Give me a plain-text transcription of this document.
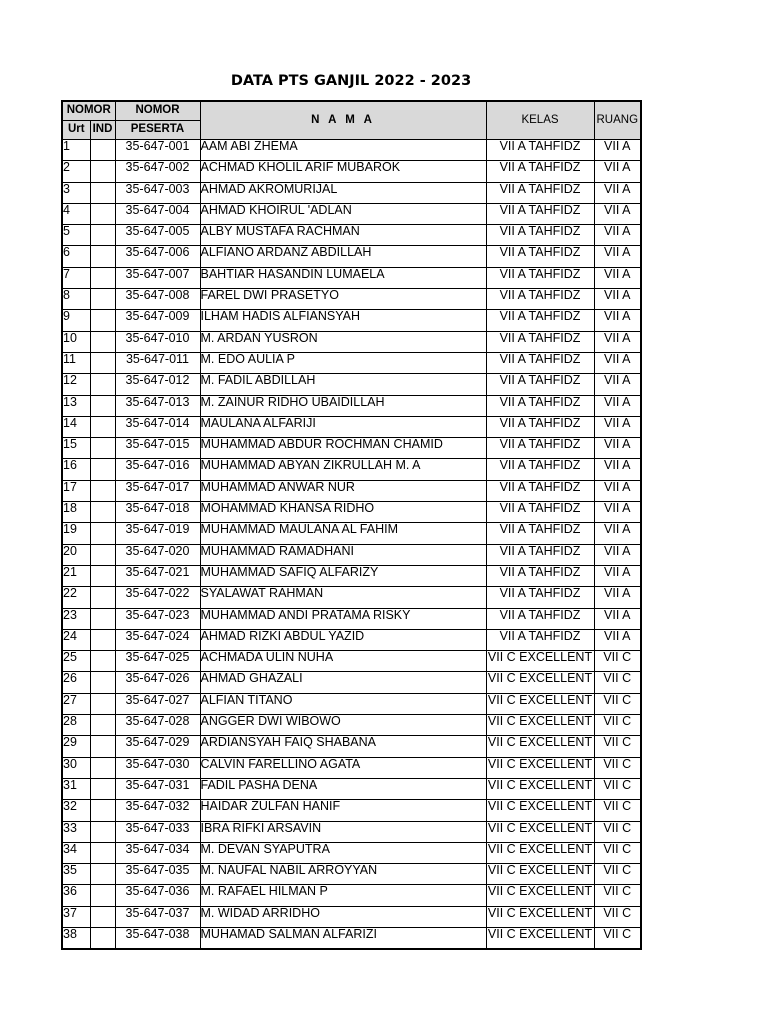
DATA PTS GANJIL 2022 - 2023
NOMOR		NOMOR	N A M A	KELAS	RUANG
Urt	IND	PESERTA			
1		35-647-001	AAM ABI ZHEMA	VII A TAHFIDZ	VII A
2		35-647-002	ACHMAD KHOLIL ARIF MUBAROK	VII A TAHFIDZ	VII A
3		35-647-003	AHMAD AKROMURIJAL	VII A TAHFIDZ	VII A
4		35-647-004	AHMAD KHOIRUL 'ADLAN	VII A TAHFIDZ	VII A
5		35-647-005	ALBY MUSTAFA RACHMAN	VII A TAHFIDZ	VII A
6		35-647-006	ALFIANO ARDANZ ABDILLAH	VII A TAHFIDZ	VII A
7		35-647-007	BAHTIAR HASANDIN LUMAELA	VII A TAHFIDZ	VII A
8		35-647-008	FAREL DWI PRASETYO	VII A TAHFIDZ	VII A
9		35-647-009	ILHAM HADIS ALFIANSYAH	VII A TAHFIDZ	VII A
10		35-647-010	M. ARDAN YUSRON	VII A TAHFIDZ	VII A
11		35-647-011	M. EDO AULIA P	VII A TAHFIDZ	VII A
12		35-647-012	M. FADIL ABDILLAH	VII A TAHFIDZ	VII A
13		35-647-013	M. ZAINUR RIDHO UBAIDILLAH	VII A TAHFIDZ	VII A
14		35-647-014	MAULANA ALFARIJI	VII A TAHFIDZ	VII A
15		35-647-015	MUHAMMAD ABDUR ROCHMAN CHAMID	VII A TAHFIDZ	VII A
16		35-647-016	MUHAMMAD ABYAN ZIKRULLAH M. A	VII A TAHFIDZ	VII A
17		35-647-017	MUHAMMAD ANWAR NUR	VII A TAHFIDZ	VII A
18		35-647-018	MOHAMMAD KHANSA RIDHO	VII A TAHFIDZ	VII A
19		35-647-019	MUHAMMAD MAULANA AL FAHIM	VII A TAHFIDZ	VII A
20		35-647-020	MUHAMMAD RAMADHANI	VII A TAHFIDZ	VII A
21		35-647-021	MUHAMMAD SAFIQ ALFARIZY	VII A TAHFIDZ	VII A
22		35-647-022	SYALAWAT RAHMAN	VII A TAHFIDZ	VII A
23		35-647-023	MUHAMMAD ANDI PRATAMA RISKY	VII A TAHFIDZ	VII A
24		35-647-024	AHMAD RIZKI ABDUL YAZID	VII A TAHFIDZ	VII A
25		35-647-025	ACHMADA ULIN NUHA	VII C EXCELLENT	VII C
26		35-647-026	AHMAD GHAZALI	VII C EXCELLENT	VII C
27		35-647-027	ALFIAN TITANO	VII C EXCELLENT	VII C
28		35-647-028	ANGGER DWI WIBOWO	VII C EXCELLENT	VII C
29		35-647-029	ARDIANSYAH FAIQ SHABANA	VII C EXCELLENT	VII C
30		35-647-030	CALVIN FARELLINO AGATA	VII C EXCELLENT	VII C
31		35-647-031	FADIL PASHA DENA	VII C EXCELLENT	VII C
32		35-647-032	HAIDAR ZULFAN HANIF	VII C EXCELLENT	VII C
33		35-647-033	IBRA RIFKI ARSAVIN	VII C EXCELLENT	VII C
34		35-647-034	M. DEVAN SYAPUTRA	VII C EXCELLENT	VII C
35		35-647-035	M. NAUFAL NABIL ARROYYAN	VII C EXCELLENT	VII C
36		35-647-036	M. RAFAEL HILMAN P	VII C EXCELLENT	VII C
37		35-647-037	M. WIDAD ARRIDHO	VII C EXCELLENT	VII C
38		35-647-038	MUHAMAD SALMAN ALFARIZI	VII C EXCELLENT	VII C
